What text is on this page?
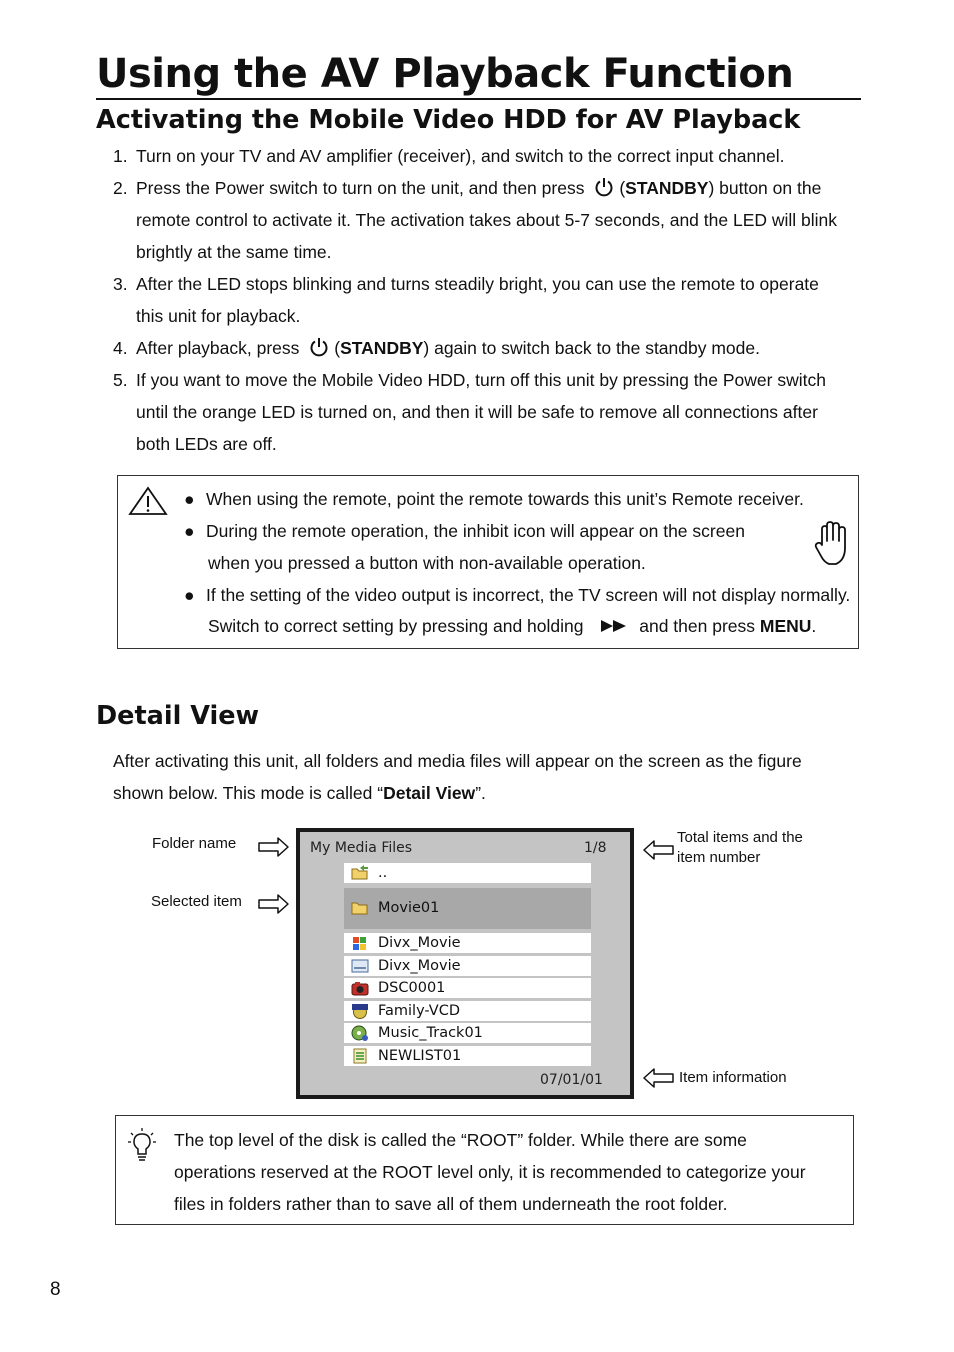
Using the AV Playback Function
Activating the Mobile Video HDD for AV Playback
1. Turn on your TV and AV amplifier (receiver), and switch to the correct input channel.
2. Press the Power switch to turn on the unit, and then press (STANDBY) button on the
remote control to activate it. The activation takes about 5-7 seconds, and the LED will blink
brightly at the same time.
3. After the LED stops blinking and turns steadily bright, you can use the remote to operate
this unit for playback.
4. After playback, press (STANDBY) again to switch back to the standby mode.
5. If you want to move the Mobile Video HDD, turn off this unit by pressing the Power switch
until the orange LED is turned on, and then it will be safe to remove all connections after
both LEDs are off.
● When using the remote, point the remote towards this unit’s Remote receiver.
● During the remote operation, the inhibit icon will appear on the screen
when you pressed a button with non-available operation.
● If the setting of the video output is incorrect, the TV screen will not display normally.
Switch to correct setting by pressing and holding	and then press MENU.
Detail View
After activating this unit, all folders and media files will appear on the screen as the figure
shown below. This mode is called “Detail View”.
Folder name
Selected item
Total items and the
item number
Item information
My Media Files	1/8
..
Movie01
Divx_Movie
Divx_Movie
DSC0001
Family-VCD
Music_Track01
NEWLIST01
07/01/01
The top level of the disk is called the “ROOT” folder. While there are some
operations reserved at the ROOT level only, it is recommended to categorize your
files in folders rather than to save all of them underneath the root folder.
8
